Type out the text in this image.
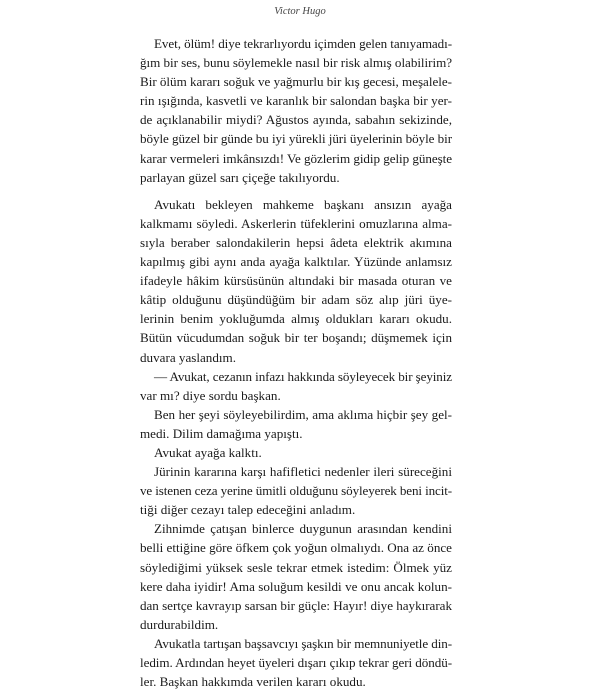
Victor Hugo

Evet, ölüm! diye tekrarlıyordu içimden gelen tanıyamadı-
ğım bir ses, bunu söylemekle nasıl bir risk almış olabilirim?
Bir ölüm kararı soğuk ve yağmurlu bir kış gecesi, meşalele-
rin ışığında, kasvetli ve karanlık bir salondan başka bir yer-
de açıklanabilir miydi? Ağustos ayında, sabahın sekizinde,
böyle güzel bir günde bu iyi yürekli jüri üyelerinin böyle bir
karar vermeleri imkânsızdı! Ve gözlerim gidip gelip güneşte
parlayan güzel sarı çiçeğe takılıyordu.

Avukatı bekleyen mahkeme başkanı ansızın ayağa
kalkmamı söyledi. Askerlerin tüfeklerini omuzlarına alma-
sıyla beraber salondakilerin hepsi âdeta elektrik akımına
kapılmış gibi aynı anda ayağa kalktılar. Yüzünde anlamsız
ifadeyle hâkim kürsüsünün altındaki bir masada oturan ve
kâtip olduğunu düşündüğüm bir adam söz alıp jüri üye-
lerinin benim yokluğumda almış oldukları kararı okudu.
Bütün vücudumdan soğuk bir ter boşandı; düşmemek için
duvara yaslandım.

— Avukat, cezanın infazı hakkında söyleyecek bir şeyiniz
var mı? diye sordu başkan.

Ben her şeyi söyleyebilirdim, ama aklıma hiçbir şey gel-
medi. Dilim damağıma yapıştı.

Avukat ayağa kalktı.

Jürinin kararına karşı hafifletici nedenler ileri süreceğini
ve istenen ceza yerine ümitli olduğunu söyleyerek beni incit-
tiği diğer cezayı talep edeceğini anladım.

Zihnimde çatışan binlerce duygunun arasından kendini
belli ettiğine göre öfkem çok yoğun olmalıydı. Ona az önce
söylediğimi yüksek sesle tekrar etmek istedim: Ölmek yüz
kere daha iyidir! Ama soluğum kesildi ve onu ancak kolun-
dan sertçe kavrayıp sarsan bir güçle: Hayır! diye haykırarak
durdurabildim.

Avukatla tartışan başsavcıyı şaşkın bir memnuniyetle din-
ledim. Ardından heyet üyeleri dışarı çıkıp tekrar geri döndü-
ler. Başkan hakkımda verilen kararı okudu.
